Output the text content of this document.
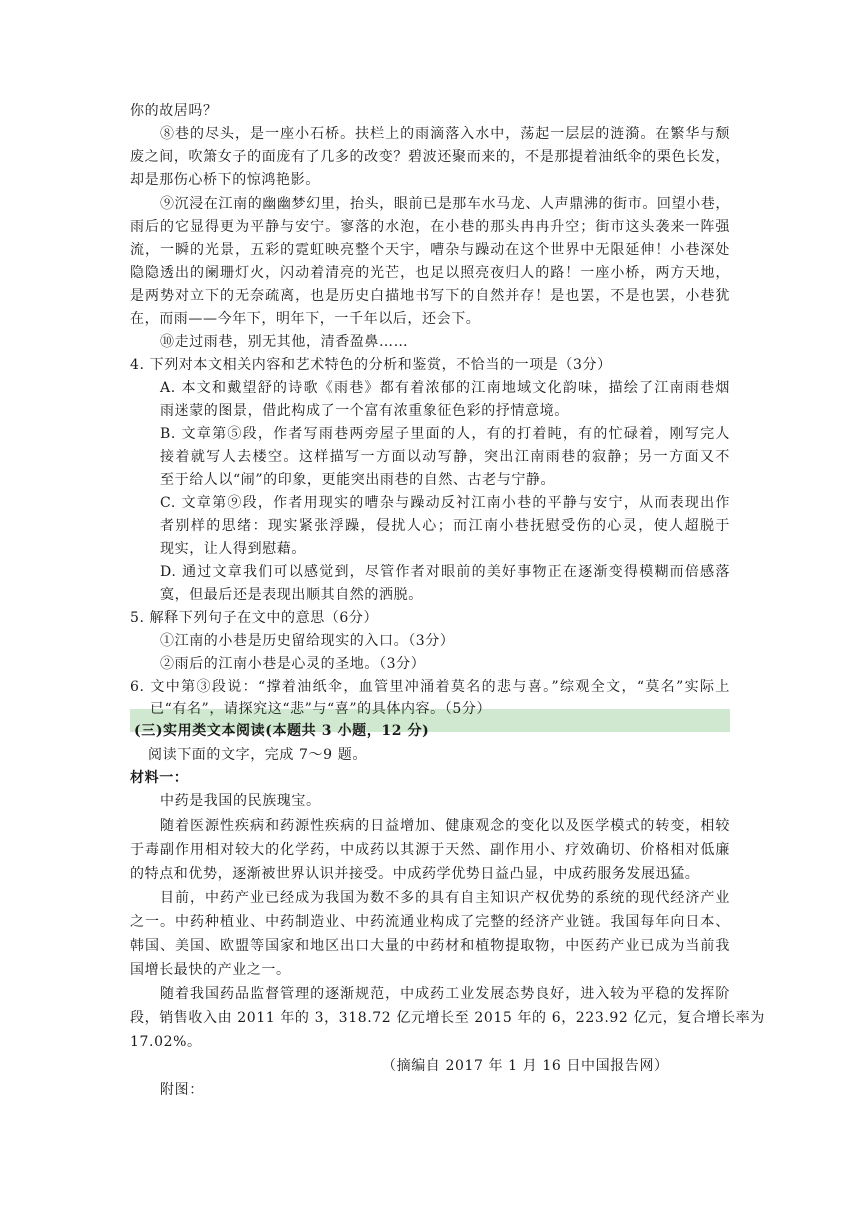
你的故居吗？
⑧巷的尽头，是一座小石桥。扶栏上的雨滴落入水中，荡起一层层的涟漪。在繁华与颓
废之间，吹箫女子的面庞有了几多的改变？碧波还聚而来的，不是那提着油纸伞的栗色长发，
却是那伤心桥下的惊鸿艳影。
⑨沉浸在江南的幽幽梦幻里，抬头，眼前已是那车水马龙、人声鼎沸的街市。回望小巷，
雨后的它显得更为平静与安宁。寥落的水泡，在小巷的那头冉冉升空；街市这头袭来一阵强
流，一瞬的光景，五彩的霓虹映亮整个天宇，嘈杂与躁动在这个世界中无限延伸！小巷深处
隐隐透出的阑珊灯火，闪动着清亮的光芒，也足以照亮夜归人的路！一座小桥，两方天地，
是两势对立下的无奈疏离，也是历史白描地书写下的自然并存！是也罢，不是也罢，小巷犹
在，而雨——今年下，明年下，一千年以后，还会下。
⑩走过雨巷，别无其他，清香盈鼻……
4. 下列对本文相关内容和艺术特色的分析和鉴赏，不恰当的一项是（3分）
A. 本文和戴望舒的诗歌《雨巷》都有着浓郁的江南地域文化韵味，描绘了江南雨巷烟
雨迷蒙的图景，借此构成了一个富有浓重象征色彩的抒情意境。
B. 文章第⑤段，作者写雨巷两旁屋子里面的人，有的打着盹，有的忙碌着，刚写完人
接着就写人去楼空。这样描写一方面以动写静，突出江南雨巷的寂静；另一方面又不
至于给人以“闹”的印象，更能突出雨巷的自然、古老与宁静。
C. 文章第⑨段，作者用现实的嘈杂与躁动反衬江南小巷的平静与安宁，从而表现出作
者别样的思绪：现实紧张浮躁，侵扰人心；而江南小巷抚慰受伤的心灵，使人超脱于
现实，让人得到慰藉。
D. 通过文章我们可以感觉到，尽管作者对眼前的美好事物正在逐渐变得模糊而倍感落
寞，但最后还是表现出顺其自然的洒脱。
5. 解释下列句子在文中的意思（6分）
①江南的小巷是历史留给现实的入口。（3分）
②雨后的江南小巷是心灵的圣地。（3分）
6. 文中第③段说：“撑着油纸伞，血管里冲涌着莫名的悲与喜。”综观全文，“莫名”实际上
已“有名”，请探究这“悲”与“喜”的具体内容。（5分）
(三)实用类文本阅读(本题共 3 小题，12 分)
阅读下面的文字，完成 7～9 题。
材料一：
中药是我国的民族瑰宝。
随着医源性疾病和药源性疾病的日益增加、健康观念的变化以及医学模式的转变，相较
于毒副作用相对较大的化学药，中成药以其源于天然、副作用小、疗效确切、价格相对低廉
的特点和优势，逐渐被世界认识并接受。中成药学优势日益凸显，中成药服务发展迅猛。
目前，中药产业已经成为我国为数不多的具有自主知识产权优势的系统的现代经济产业
之一。中药种植业、中药制造业、中药流通业构成了完整的经济产业链。我国每年向日本、
韩国、美国、欧盟等国家和地区出口大量的中药材和植物提取物，中医药产业已成为当前我
国增长最快的产业之一。
随着我国药品监督管理的逐渐规范，中成药工业发展态势良好，进入较为平稳的发挥阶
段，销售收入由 2011 年的 3，318.72 亿元增长至 2015 年的 6，223.92 亿元，复合增长率为
17.02%。
（摘编自 2017 年 1 月 16 日中国报告网）
附图：
